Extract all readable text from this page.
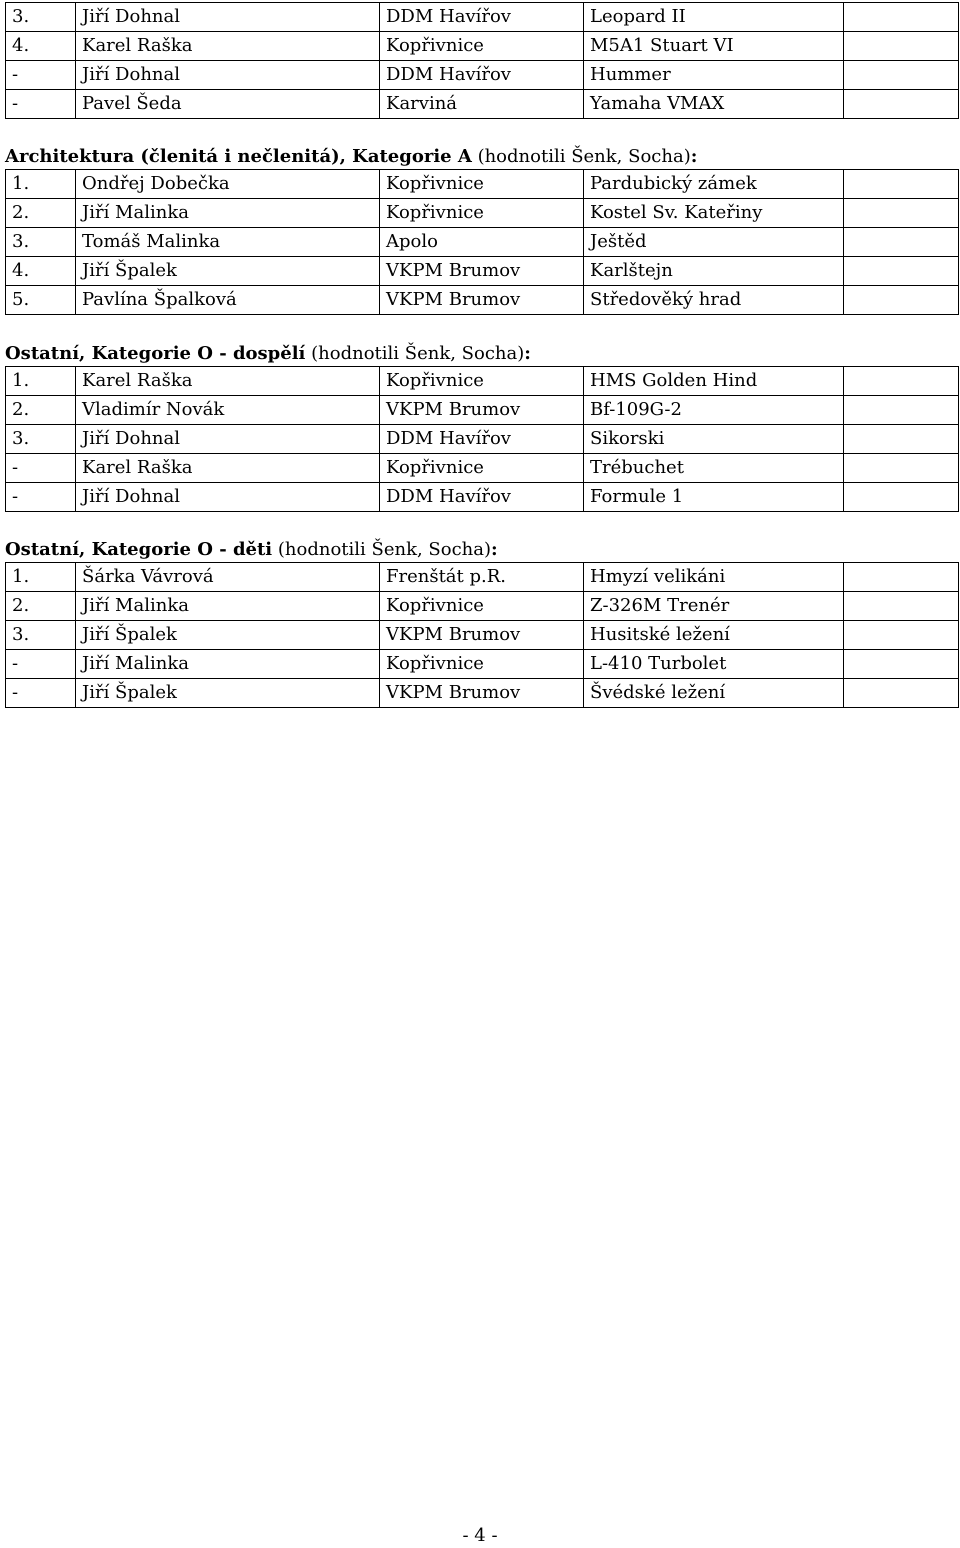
3.	Jiří Dohnal	DDM Havířov	Leopard II	
4.	Karel Raška	Kopřivnice	M5A1 Stuart VI	
-	Jiří Dohnal	DDM Havířov	Hummer	
-	Pavel Šeda	Karviná	Yamaha VMAX	
Architektura (členitá i nečlenitá), Kategorie A (hodnotili Šenk, Socha):
1.	Ondřej Dobečka	Kopřivnice	Pardubický zámek	
2.	Jiří Malinka	Kopřivnice	Kostel Sv. Kateřiny	
3.	Tomáš Malinka	Apolo	Ještěd	
4.	Jiří Špalek	VKPM Brumov	Karlštejn	
5.	Pavlína Špalková	VKPM Brumov	Středověký hrad	
Ostatní, Kategorie O - dospělí (hodnotili Šenk, Socha):
1.	Karel Raška	Kopřivnice	HMS Golden Hind	
2.	Vladimír Novák	VKPM Brumov	Bf-109G-2	
3.	Jiří Dohnal	DDM Havířov	Sikorski	
-	Karel Raška	Kopřivnice	Trébuchet	
-	Jiří Dohnal	DDM Havířov	Formule 1	
Ostatní, Kategorie O - děti (hodnotili Šenk, Socha):
1.	Šárka Vávrová	Frenštát p.R.	Hmyzí velikáni	
2.	Jiří Malinka	Kopřivnice	Z-326M Trenér	
3.	Jiří Špalek	VKPM Brumov	Husitské ležení	
-	Jiří Malinka	Kopřivnice	L-410 Turbolet	
-	Jiří Špalek	VKPM Brumov	Švédské ležení	
- 4 -
